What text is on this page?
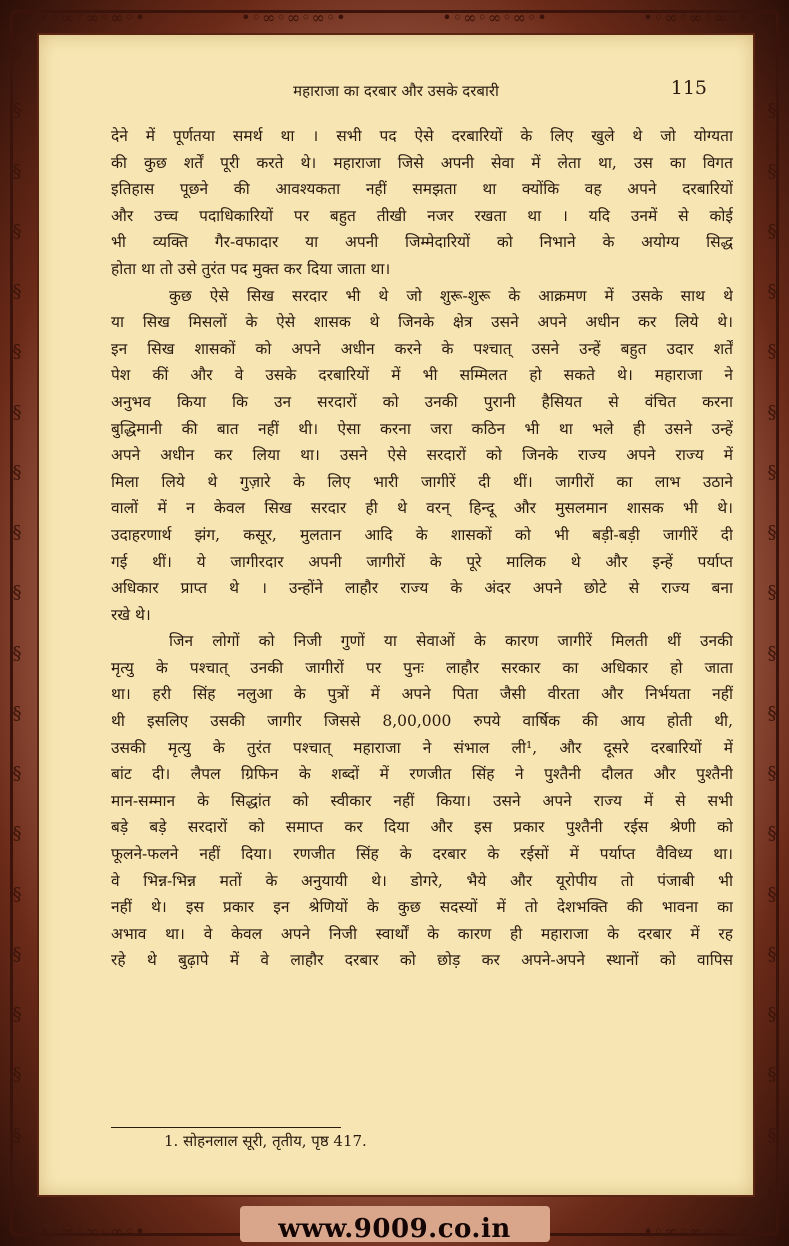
•◦∞◦∞◦∞◦•	•◦∞◦∞◦∞◦•	•◦∞◦∞◦∞◦•	•◦∞◦∞◦∞◦•
§
§
§
§
§
§
§
§
§
§
§
§
§
§
§
§
§
§
§
§
§
§
§
§
§
§
§
§
§
§
§
§
§
§
§
§
§
§
§
§
•◦∞◦∞◦∞◦•	•◦∞◦∞◦∞◦•
महाराजा का दरबार और उसके दरबारी	115
देने में पूर्णतया समर्थ था । सभी पद ऐसे दरबारियों के लिए खुले थे जो योग्यता
की कुछ शर्तें पूरी करते थे। महाराजा जिसे अपनी सेवा में लेता था, उस का विगत
इतिहास पूछने की आवश्यकता नहीं समझता था क्योंकि वह अपने दरबारियों
और उच्च पदाधिकारियों पर बहुत तीखी नजर रखता था । यदि उनमें से कोई
भी व्यक्ति गैर-वफादार या अपनी जिम्मेदारियों को निभाने के अयोग्य सिद्ध
होता था तो उसे तुरंत पद मुक्त कर दिया जाता था।
कुछ ऐसे सिख सरदार भी थे जो शुरू-शुरू के आक्रमण में उसके साथ थे
या सिख मिसलों के ऐसे शासक थे जिनके क्षेत्र उसने अपने अधीन कर लिये थे।
इन सिख शासकों को अपने अधीन करने के पश्चात् उसने उन्हें बहुत उदार शर्तें
पेश कीं और वे उसके दरबारियों में भी सम्मिलत हो सकते थे। महाराजा ने
अनुभव किया कि उन सरदारों को उनकी पुरानी हैसियत से वंचित करना
बुद्धिमानी की बात नहीं थी। ऐसा करना जरा कठिन भी था भले ही उसने उन्हें
अपने अधीन कर लिया था। उसने ऐसे सरदारों को जिनके राज्य अपने राज्य में
मिला लिये थे गुज़ारे के लिए भारी जागीरें दी थीं। जागीरों का लाभ उठाने
वालों में न केवल सिख सरदार ही थे वरन् हिन्दू और मुसलमान शासक भी थे।
उदाहरणार्थ झंग, कसूर, मुलतान आदि के शासकों को भी बड़ी-बड़ी जागीरें दी
गई थीं। ये जागीरदार अपनी जागीरों के पूरे मालिक थे और इन्हें पर्याप्त
अधिकार प्राप्त थे । उन्होंने लाहौर राज्य के अंदर अपने छोटे से राज्य बना
रखे थे।
जिन लोगों को निजी गुणों या सेवाओं के कारण जागीरें मिलती थीं उनकी
मृत्यु के पश्चात् उनकी जागीरों पर पुनः लाहौर सरकार का अधिकार हो जाता
था। हरी सिंह नलुआ के पुत्रों में अपने पिता जैसी वीरता और निर्भयता नहीं
थी इसलिए उसकी जागीर जिससे 8,00,000 रुपये वार्षिक की आय होती थी,
उसकी मृत्यु के तुरंत पश्चात् महाराजा ने संभाल ली¹, और दूसरे दरबारियों में
बांट दी। लैपल ग्रिफिन के शब्दों में रणजीत सिंह ने पुश्तैनी दौलत और पुश्तैनी
मान-सम्मान के सिद्धांत को स्वीकार नहीं किया। उसने अपने राज्य में से सभी
बड़े बड़े सरदारों को समाप्त कर दिया और इस प्रकार पुश्तैनी रईस श्रेणी को
फूलने-फलने नहीं दिया। रणजीत सिंह के दरबार के रईसों में पर्याप्त वैविध्य था।
वे भिन्न-भिन्न मतों के अनुयायी थे। डोगरे, भैये और यूरोपीय तो पंजाबी भी
नहीं थे। इस प्रकार इन श्रेणियों के कुछ सदस्यों में तो देशभक्ति की भावना का
अभाव था। वे केवल अपने निजी स्वार्थों के कारण ही महाराजा के दरबार में रह
रहे थे बुढ़ापे में वे लाहौर दरबार को छोड़ कर अपने-अपने स्थानों को वापिस
1. सोहनलाल सूरी, तृतीय, पृष्ठ 417.
www.9009.co.in
